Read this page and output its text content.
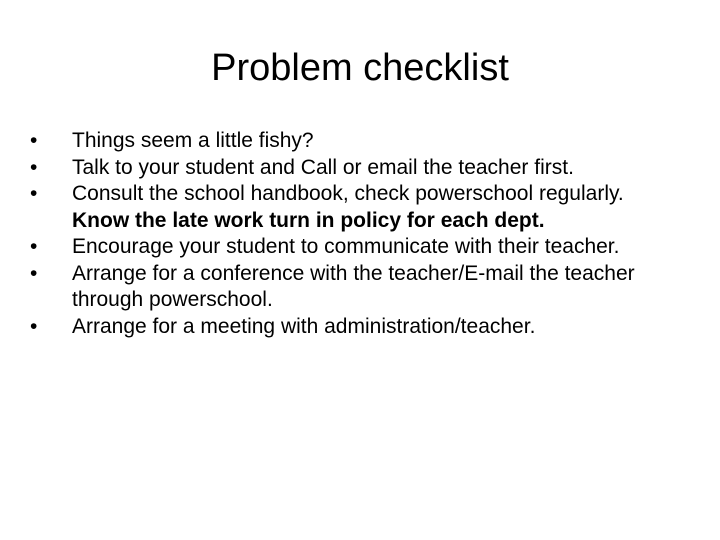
Problem checklist
•	Things seem a little fishy?
•	Talk to your student and Call or email the teacher first.
•	Consult the school handbook, check powerschool regularly. Know the late work turn in policy for each dept.
•	Encourage your student to communicate with their teacher.
•	Arrange for a conference with the teacher/E-mail the teacher through powerschool.
•	Arrange for a meeting with administration/teacher.
